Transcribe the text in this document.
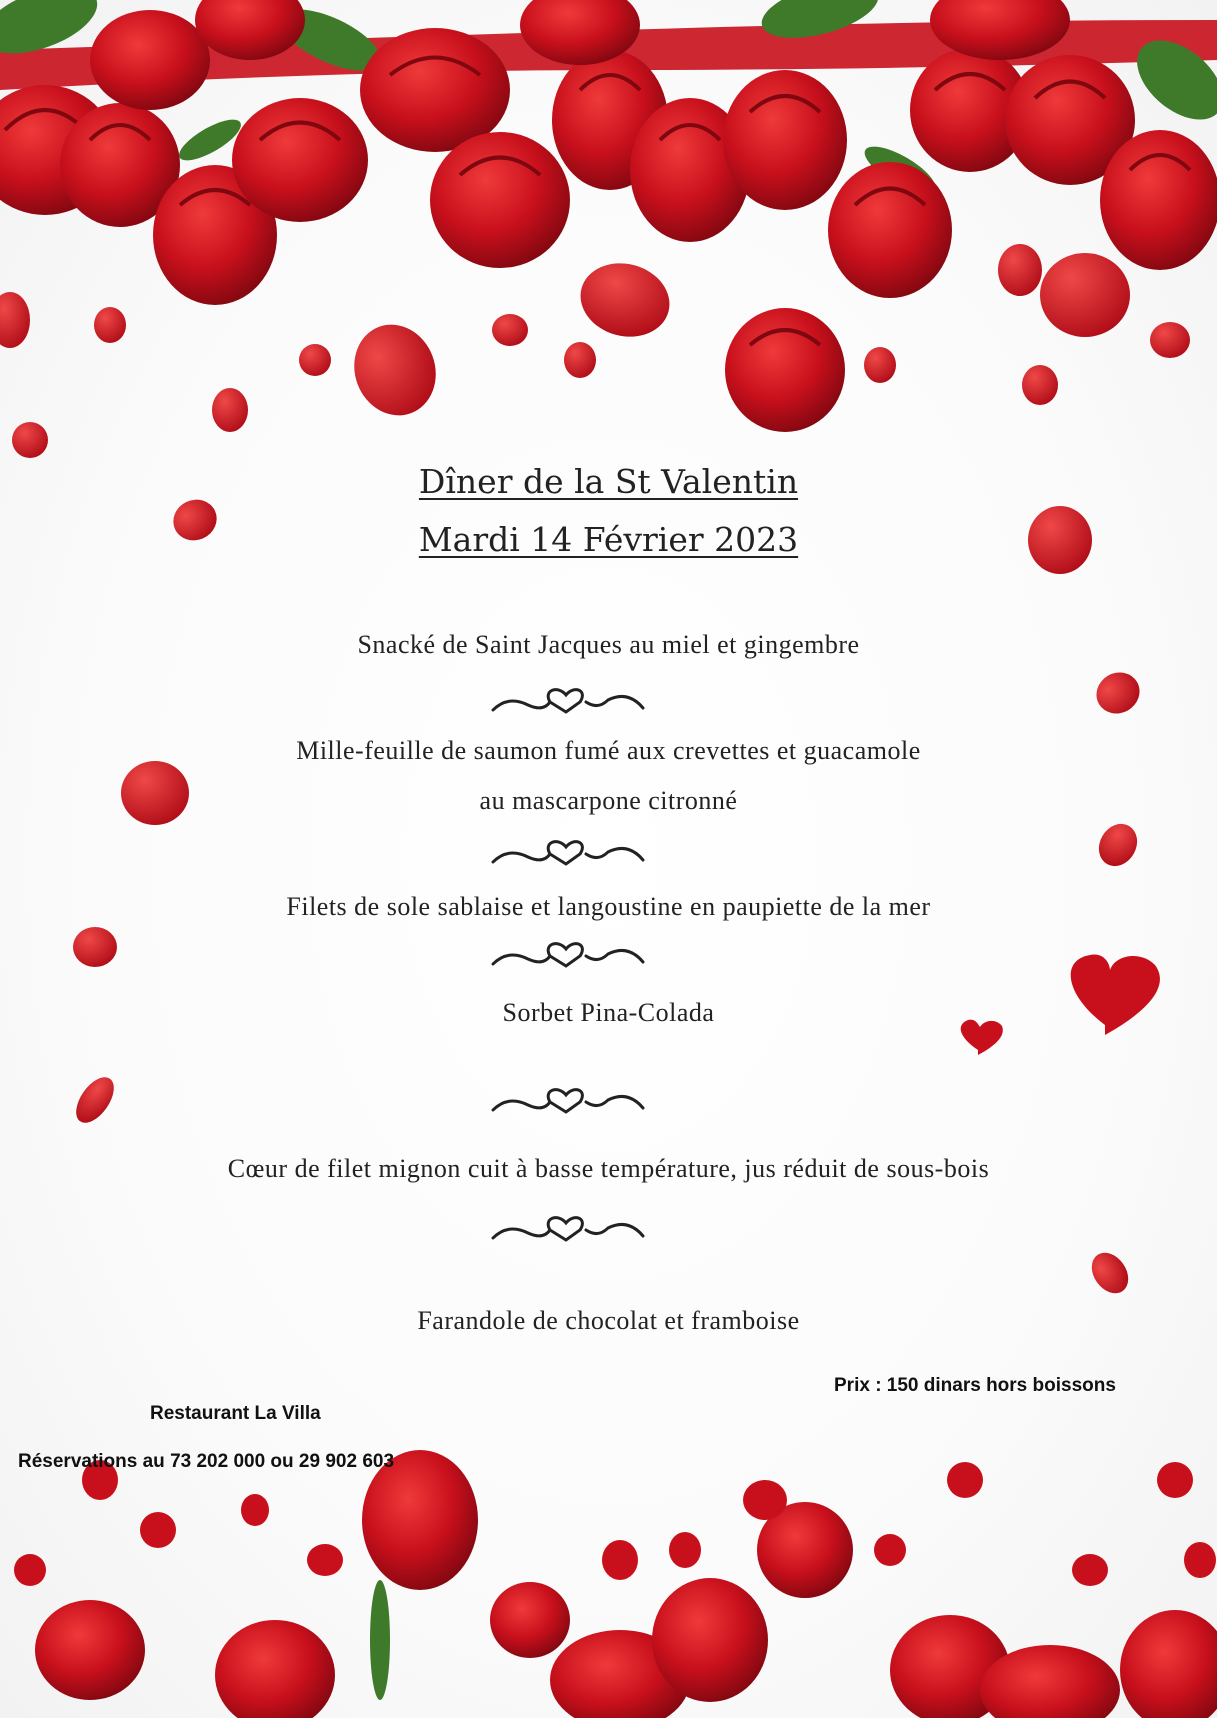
Dîner de la St Valentin
Mardi 14 Février 2023
Snacké de Saint Jacques au miel et gingembre
Mille-feuille de saumon fumé aux crevettes et guacamole
au mascarpone citronné
Filets de sole sablaise et langoustine en paupiette de la mer
Sorbet Pina-Colada
Cœur de filet mignon cuit à basse température, jus réduit de sous-bois
Farandole de chocolat et framboise
Prix : 150 dinars hors boissons
Restaurant La Villa
Réservations au 73 202 000 ou 29 902 603
